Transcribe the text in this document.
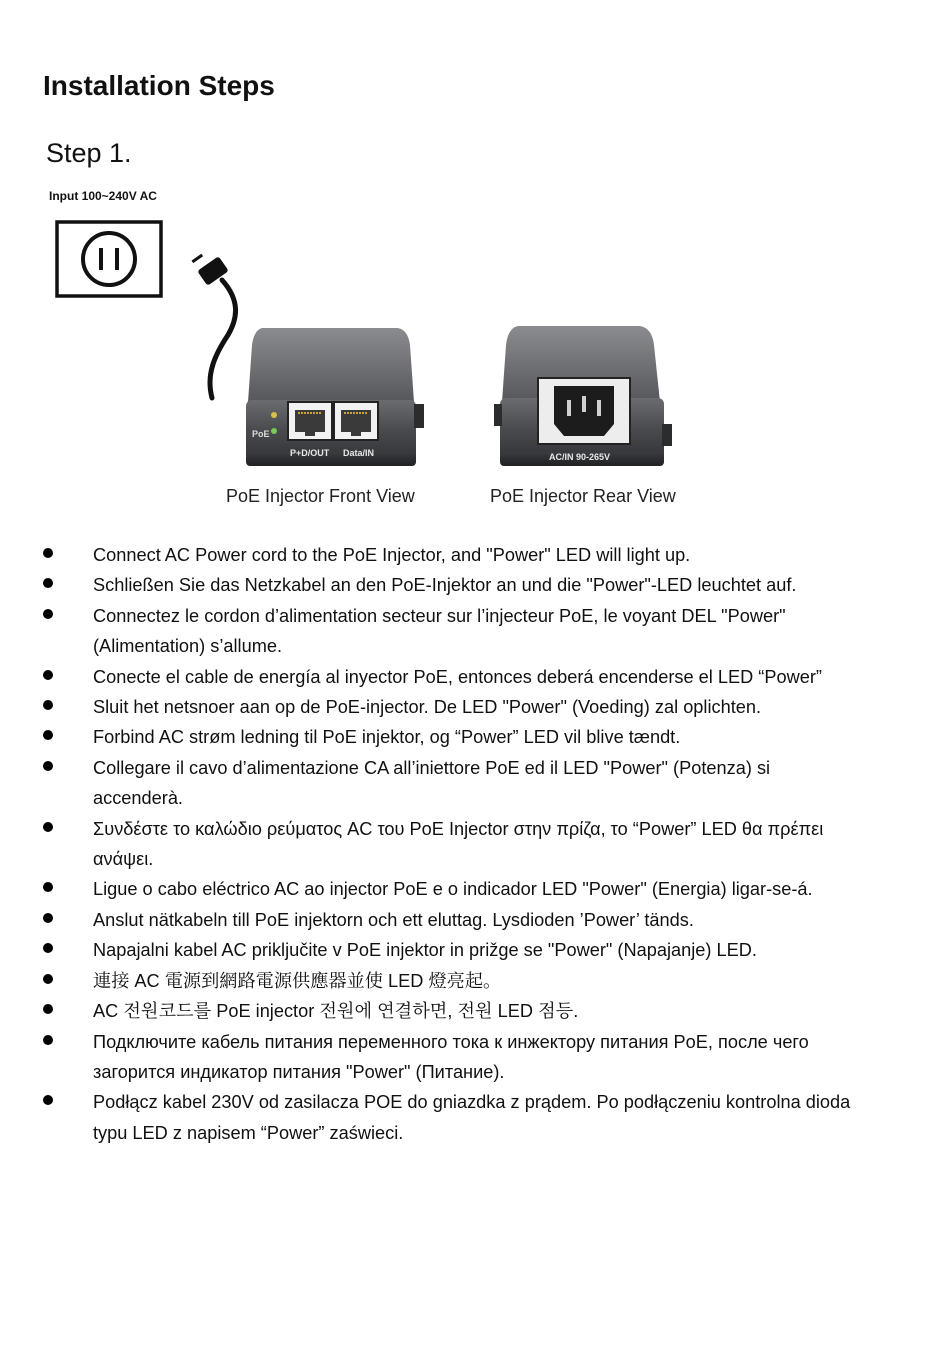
Installation Steps
Step 1.
Input 100~240V AC
PoE
P+D/OUT Data/IN	AC/IN 90-265V
PoE Injector Front View	PoE Injector Rear View
Connect AC Power cord to the PoE Injector, and "Power" LED will light up.
Schließen Sie das Netzkabel an den PoE-Injektor an und die "Power"-LED leuchtet auf.
Connectez le cordon d’alimentation secteur sur l’injecteur PoE, le voyant DEL "Power" (Alimentation) s’allume.
Conecte el cable de energía al inyector PoE, entonces deberá encenderse el LED “Power”
Sluit het netsnoer aan op de PoE-injector. De LED "Power" (Voeding) zal oplichten.
Forbind AC strøm ledning til PoE injektor, og “Power” LED vil blive tændt.
Collegare il cavo d’alimentazione CA all’iniettore PoE ed il LED "Power" (Potenza) si accenderà.
Συνδέστε το καλώδιο ρεύματος AC του PoE Injector στην πρίζα, το “Power” LED θα πρέπει ανάψει.
Ligue o cabo eléctrico AC ao injector PoE e o indicador LED "Power" (Energia) ligar-se-á.
Anslut nätkabeln till PoE injektorn och ett eluttag. Lysdioden ’Power’ tänds.
Napajalni kabel AC priključite v PoE injektor in prižge se "Power" (Napajanje) LED.
連接 AC 電源到網路電源供應器並使 LED 燈亮起。
AC 전원코드를 PoE injector 전원에 연결하면, 전원 LED 점등.
Подключите кабель питания переменного тока к инжектору питания PoE, после чего загорится индикатор питания "Power" (Питание).
Podłącz kabel 230V od zasilacza POE do gniazdka z prądem. Po podłączeniu kontrolna dioda typu LED z napisem “Power” zaświeci.
